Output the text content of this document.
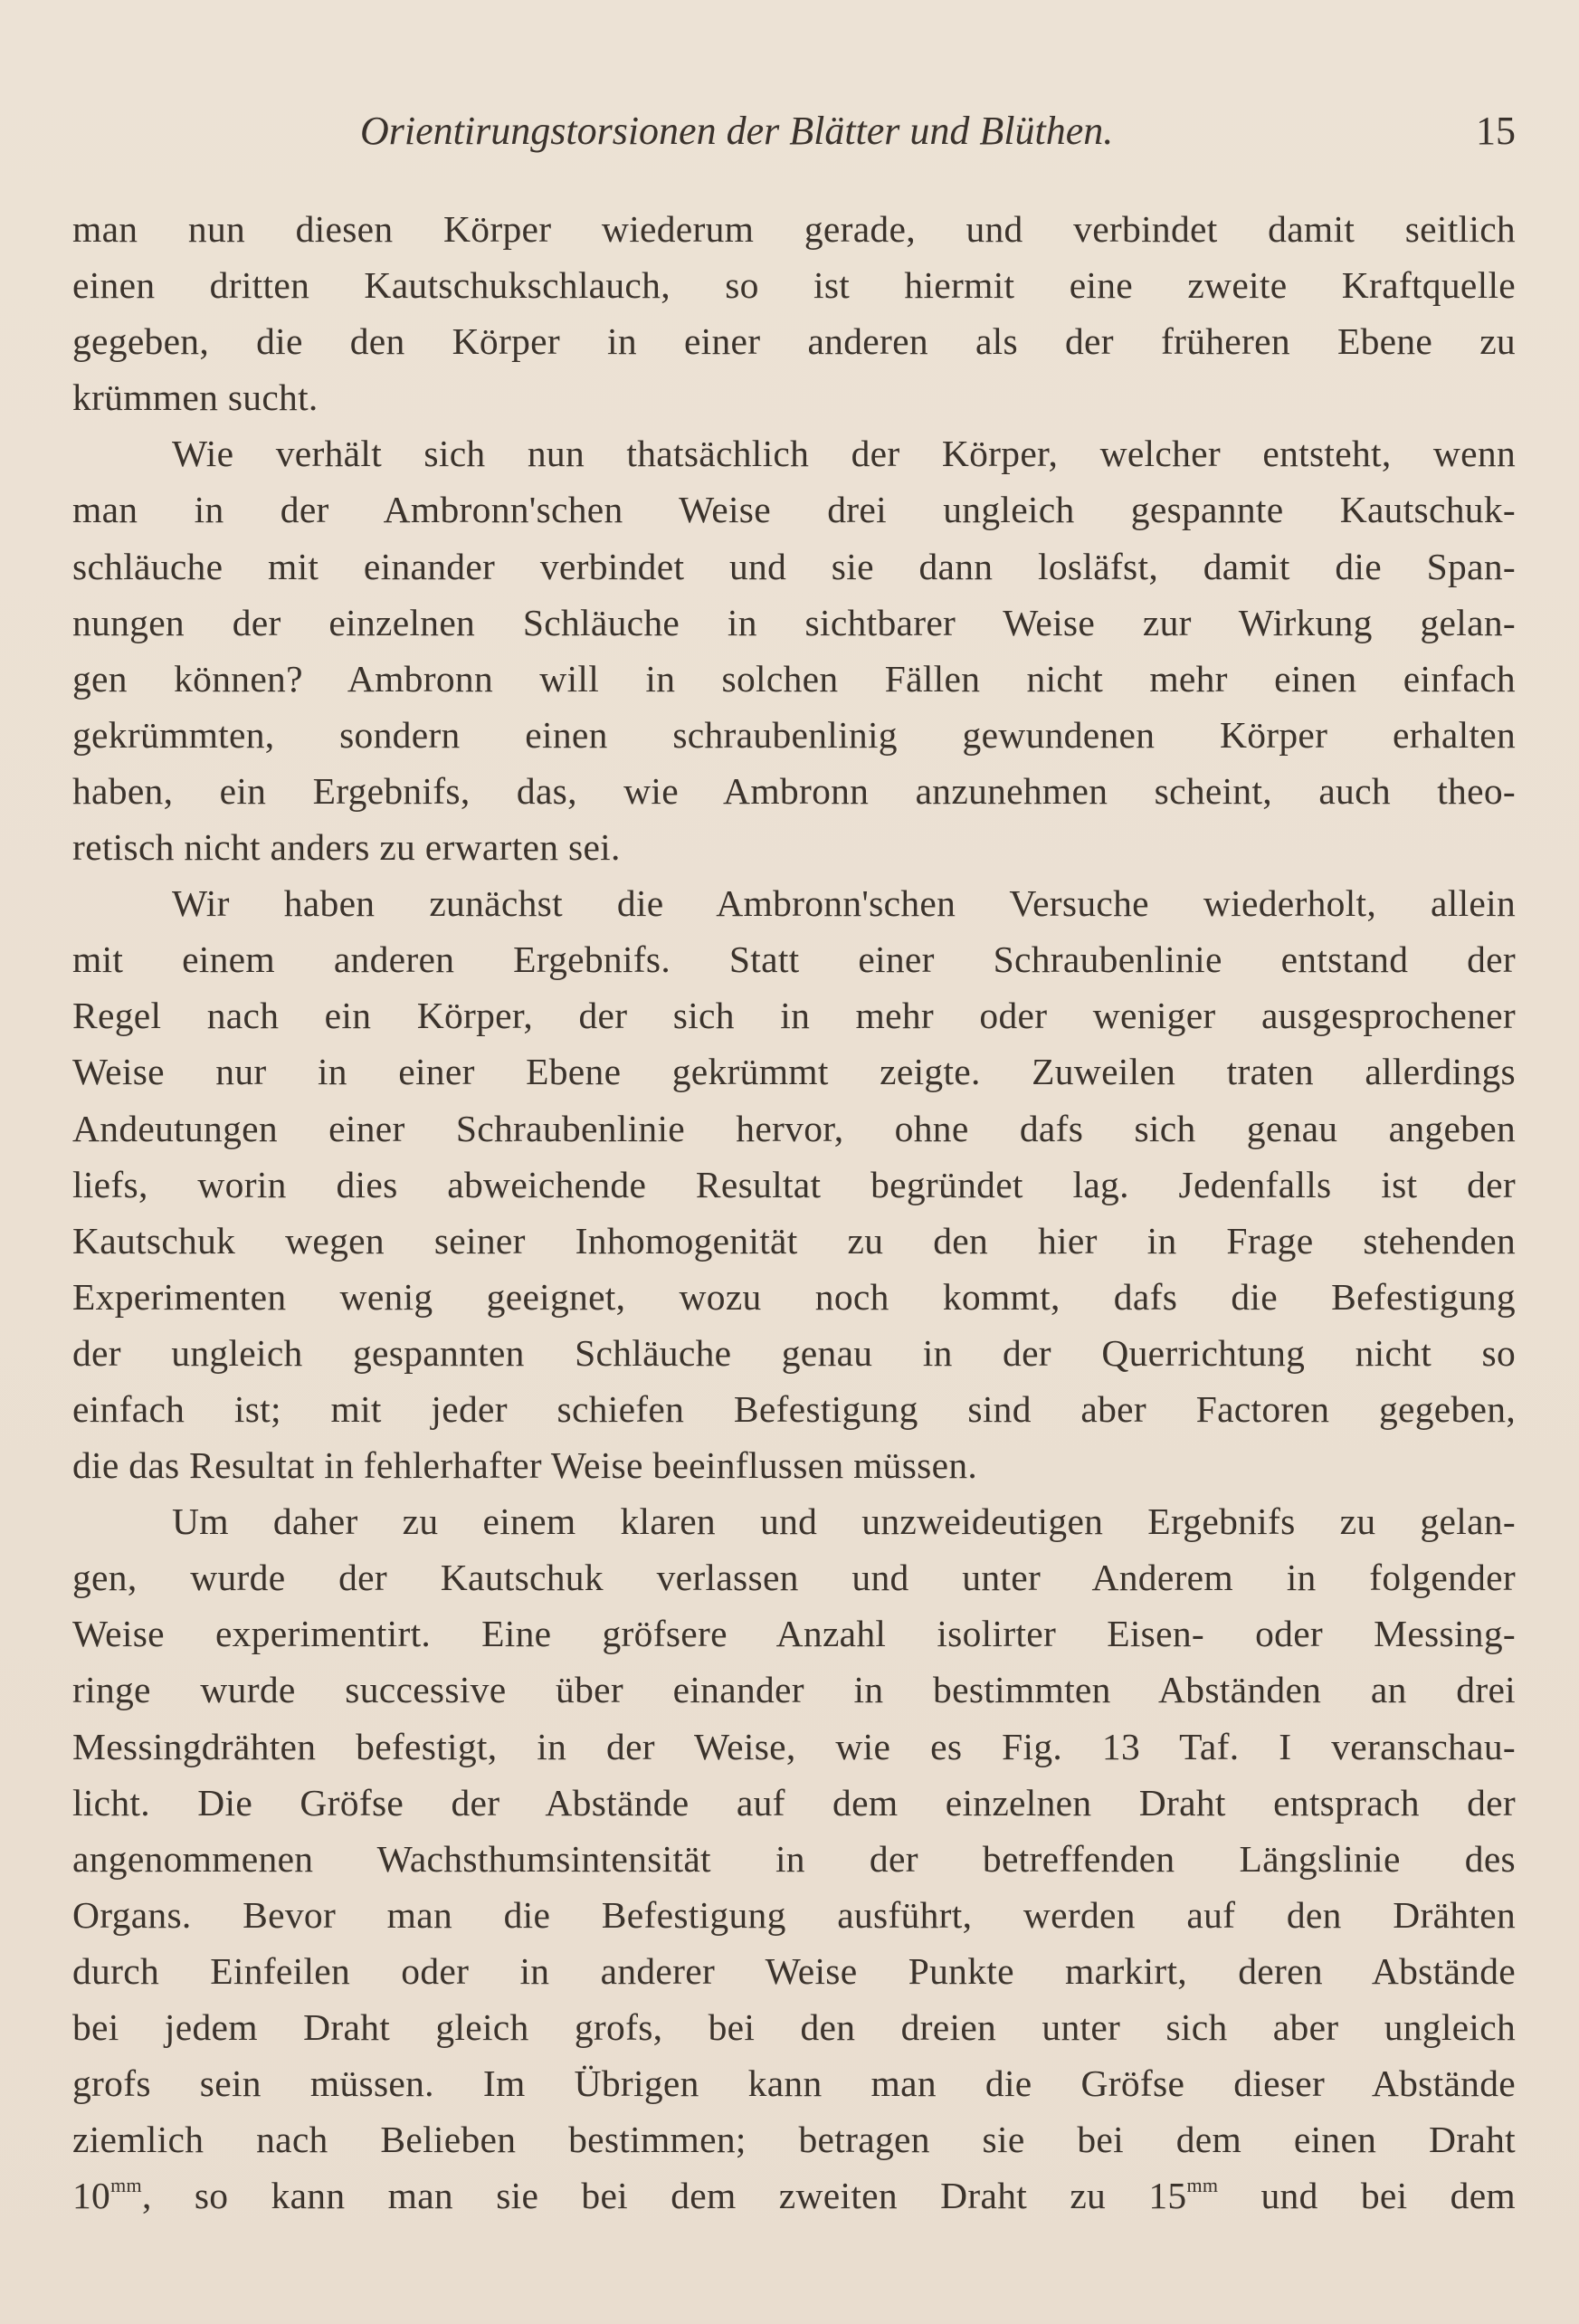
Orientirungstorsionen der Blätter und Blüthen.	15
man nun diesen Körper wiederum gerade, und verbindet damit seitlich
einen dritten Kautschukschlauch, so ist hiermit eine zweite Kraftquelle
gegeben, die den Körper in einer anderen als der früheren Ebene zu
krümmen sucht.
Wie verhält sich nun thatsächlich der Körper, welcher entsteht, wenn
man in der Ambronn'schen Weise drei ungleich gespannte Kautschuk-
schläuche mit einander verbindet und sie dann losläfst, damit die Span-
nungen der einzelnen Schläuche in sichtbarer Weise zur Wirkung gelan-
gen können? Ambronn will in solchen Fällen nicht mehr einen einfach
gekrümmten, sondern einen schraubenlinig gewundenen Körper erhalten
haben, ein Ergebnifs, das, wie Ambronn anzunehmen scheint, auch theo-
retisch nicht anders zu erwarten sei.
Wir haben zunächst die Ambronn'schen Versuche wiederholt, allein
mit einem anderen Ergebnifs. Statt einer Schraubenlinie entstand der
Regel nach ein Körper, der sich in mehr oder weniger ausgesprochener
Weise nur in einer Ebene gekrümmt zeigte. Zuweilen traten allerdings
Andeutungen einer Schraubenlinie hervor, ohne dafs sich genau angeben
liefs, worin dies abweichende Resultat begründet lag. Jedenfalls ist der
Kautschuk wegen seiner Inhomogenität zu den hier in Frage stehenden
Experimenten wenig geeignet, wozu noch kommt, dafs die Befestigung
der ungleich gespannten Schläuche genau in der Querrichtung nicht so
einfach ist; mit jeder schiefen Befestigung sind aber Factoren gegeben,
die das Resultat in fehlerhafter Weise beeinflussen müssen.
Um daher zu einem klaren und unzweideutigen Ergebnifs zu gelan-
gen, wurde der Kautschuk verlassen und unter Anderem in folgender
Weise experimentirt. Eine gröfsere Anzahl isolirter Eisen- oder Messing-
ringe wurde successive über einander in bestimmten Abständen an drei
Messingdrähten befestigt, in der Weise, wie es Fig. 13 Taf. I veranschau-
licht. Die Gröfse der Abstände auf dem einzelnen Draht entsprach der
angenommenen Wachsthumsintensität in der betreffenden Längslinie des
Organs. Bevor man die Befestigung ausführt, werden auf den Drähten
durch Einfeilen oder in anderer Weise Punkte markirt, deren Abstände
bei jedem Draht gleich grofs, bei den dreien unter sich aber ungleich
grofs sein müssen. Im Übrigen kann man die Gröfse dieser Abstände
ziemlich nach Belieben bestimmen; betragen sie bei dem einen Draht
$10^{mm}$, so kann man sie bei dem zweiten Draht zu $15^{mm}$ und bei dem
